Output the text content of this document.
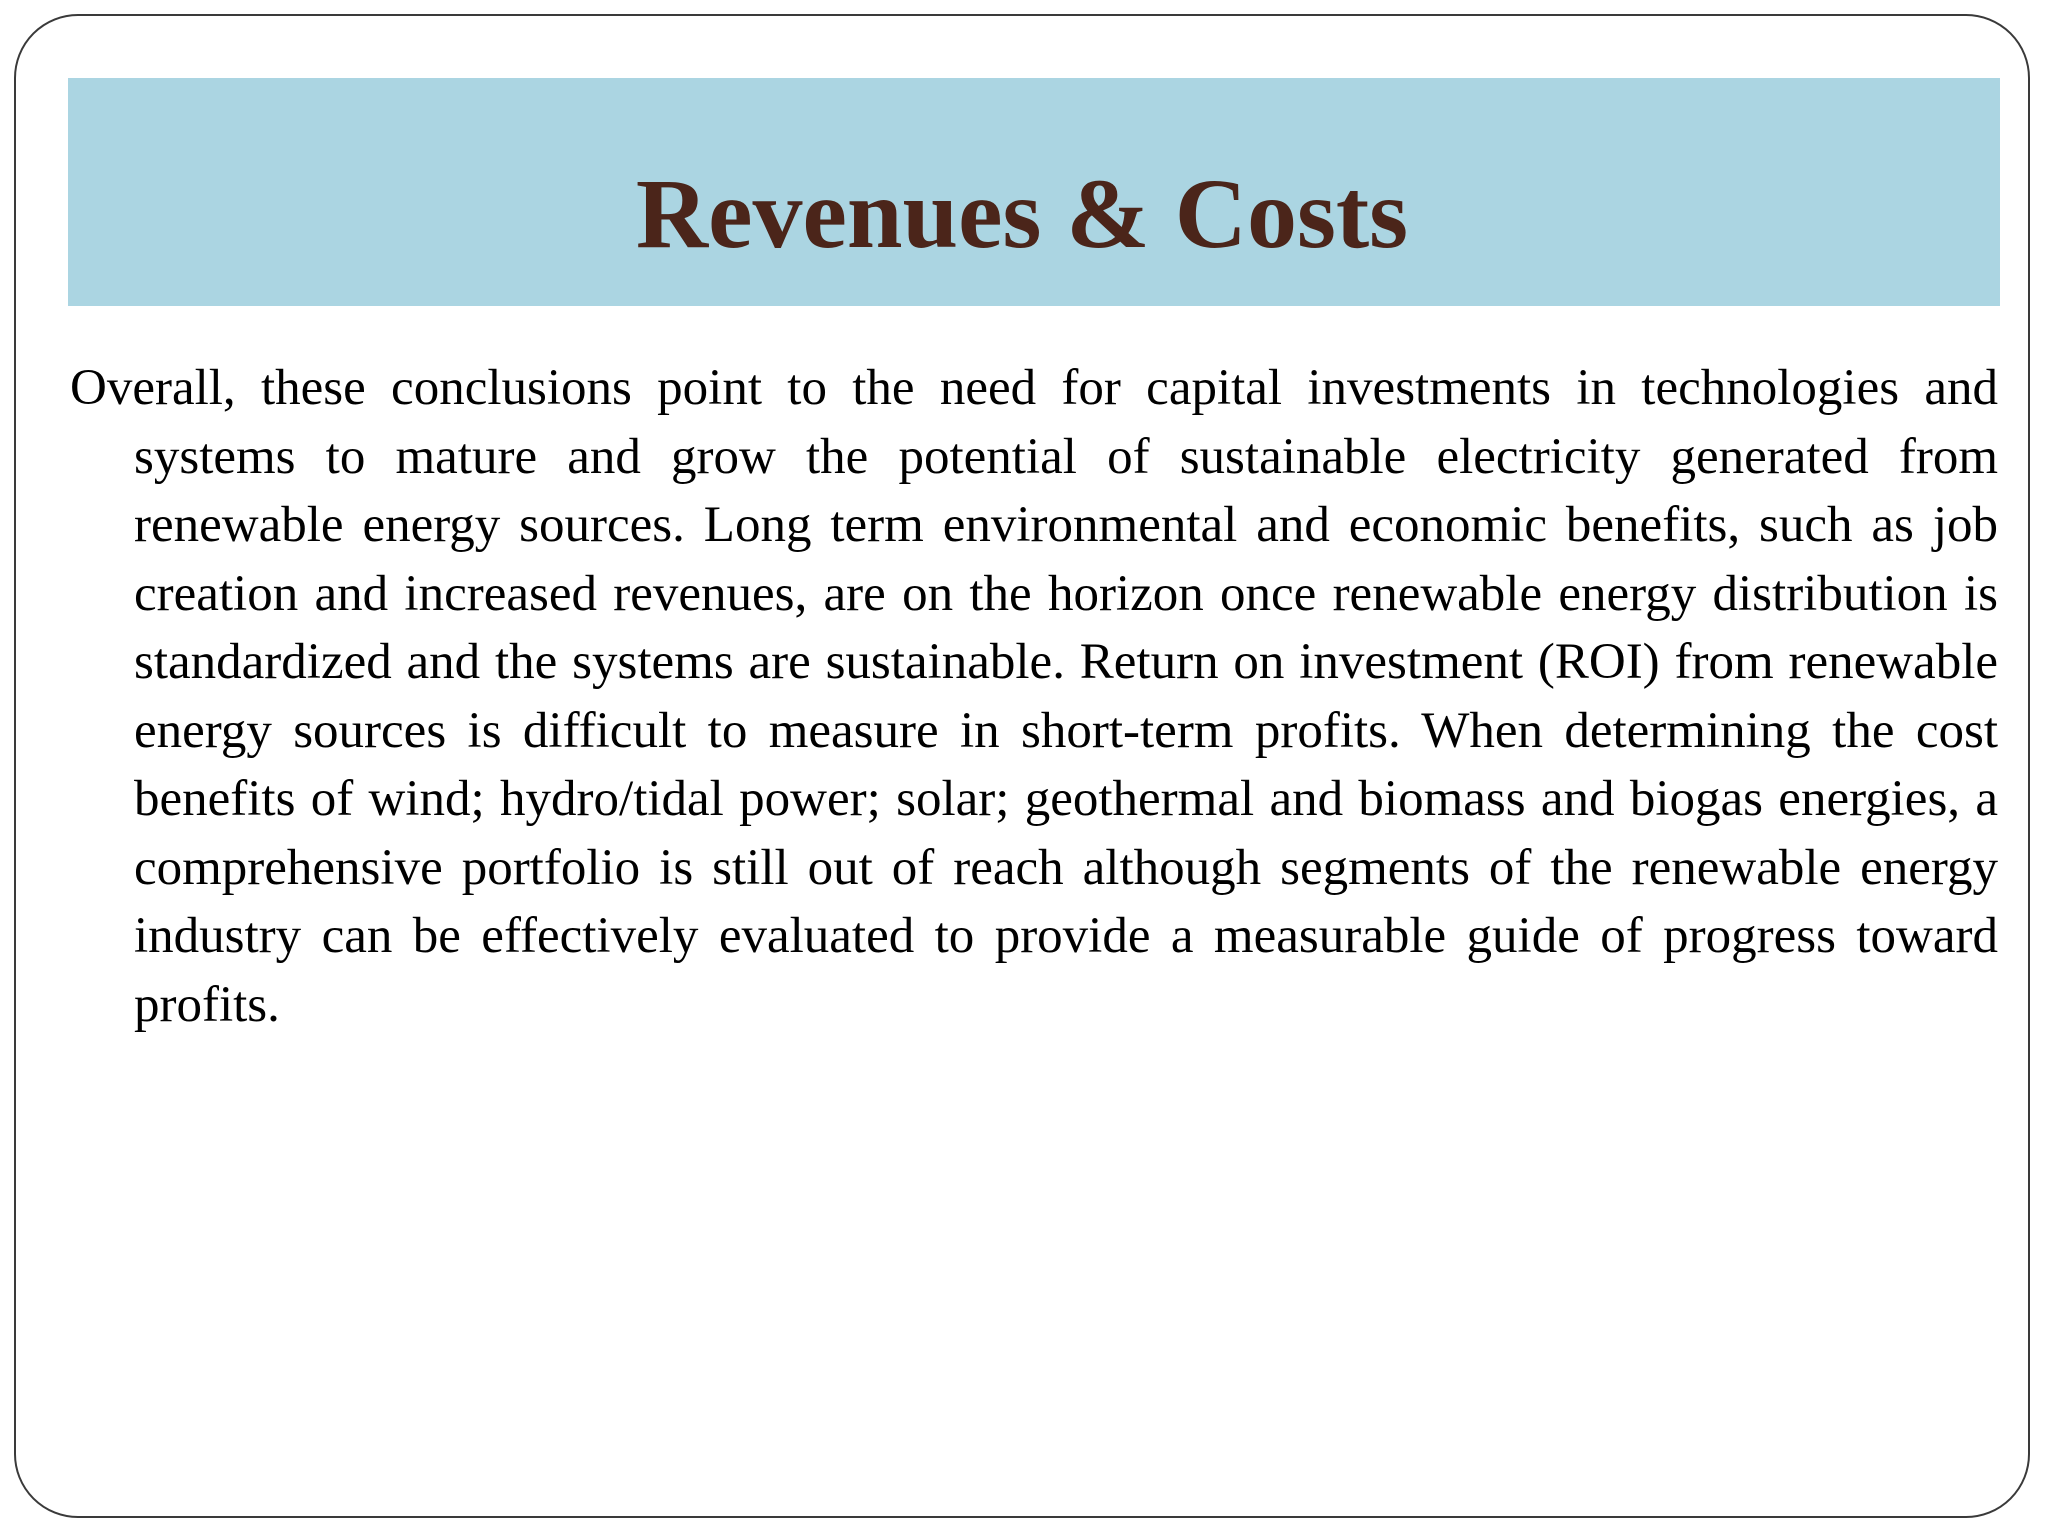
Revenues & Costs

Overall, these conclusions point to the need for capital investments in technologies and systems to mature and grow the potential of sustainable electricity generated from renewable energy sources. Long term environmental and economic benefits, such as job creation and increased revenues, are on the horizon once renewable energy distribution is standardized and the systems are sustainable. Return on investment (ROI) from renewable energy sources is difficult to measure in short-term profits. When determining the cost benefits of wind; hydro/tidal power; solar; geothermal and biomass and biogas energies, a comprehensive portfolio is still out of reach although segments of the renewable energy industry can be effectively evaluated to provide a measurable guide of progress toward profits.
